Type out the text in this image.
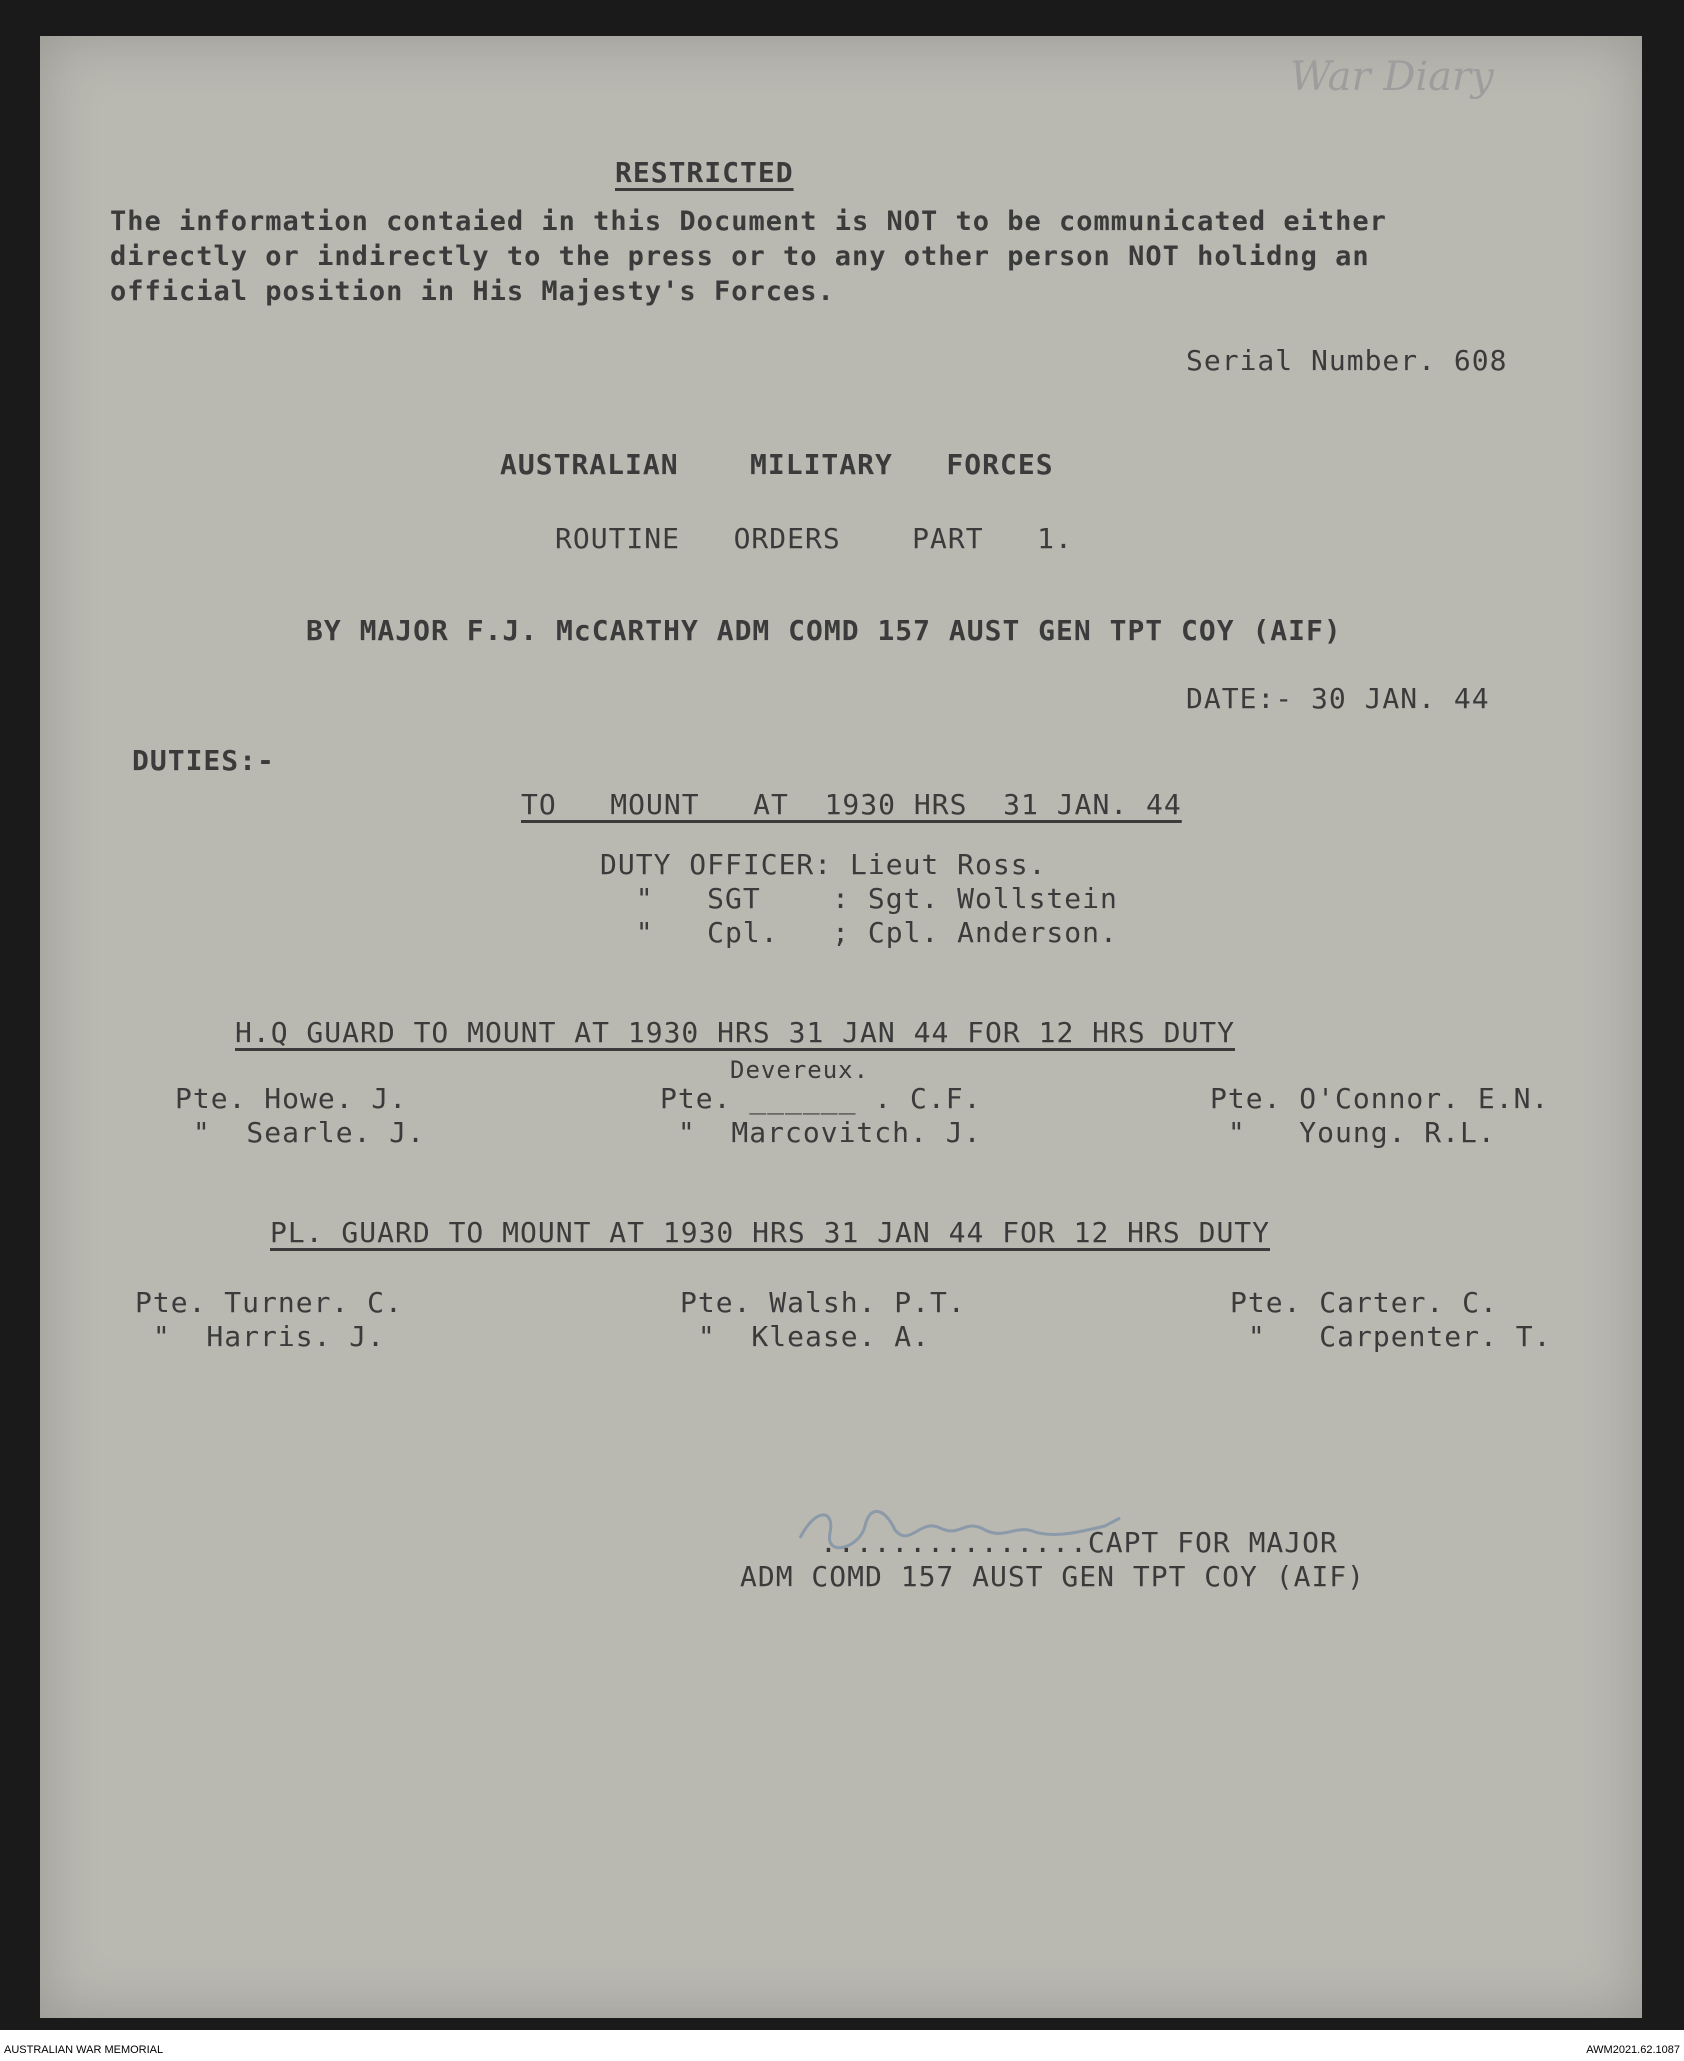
War Diary
RESTRICTED
The information contaied in this Document is NOT to be communicated either
directly or indirectly to the press or to any other person NOT holidng an
official position in His Majesty's Forces.
Serial Number. 608
AUSTRALIAN    MILITARY   FORCES
ROUTINE   ORDERS    PART   1.
BY MAJOR F.J. McCARTHY ADM COMD 157 AUST GEN TPT COY (AIF)
DATE:- 30 JAN. 44
DUTIES:-
TO   MOUNT   AT  1930 HRS  31 JAN. 44
DUTY OFFICER: Lieut Ross.
"   SGT    : Sgt. Wollstein
"   Cpl.   ; Cpl. Anderson.
H.Q GUARD TO MOUNT AT 1930 HRS 31 JAN 44 FOR 12 HRS DUTY
Devereux.
Pte. Howe. J.
"  Searle. J.
Pte. ______ . C.F.
"  Marcovitch. J.
Pte. O'Connor. E.N.
"   Young. R.L.
PL. GUARD TO MOUNT AT 1930 HRS 31 JAN 44 FOR 12 HRS DUTY
Pte. Turner. C.
"  Harris. J.
Pte. Walsh. P.T.
"  Klease. A.
Pte. Carter. C.
"   Carpenter. T.
...............CAPT FOR MAJOR
ADM COMD 157 AUST GEN TPT COY (AIF)
AUSTRALIAN WAR MEMORIAL	AWM2021.62.1087
